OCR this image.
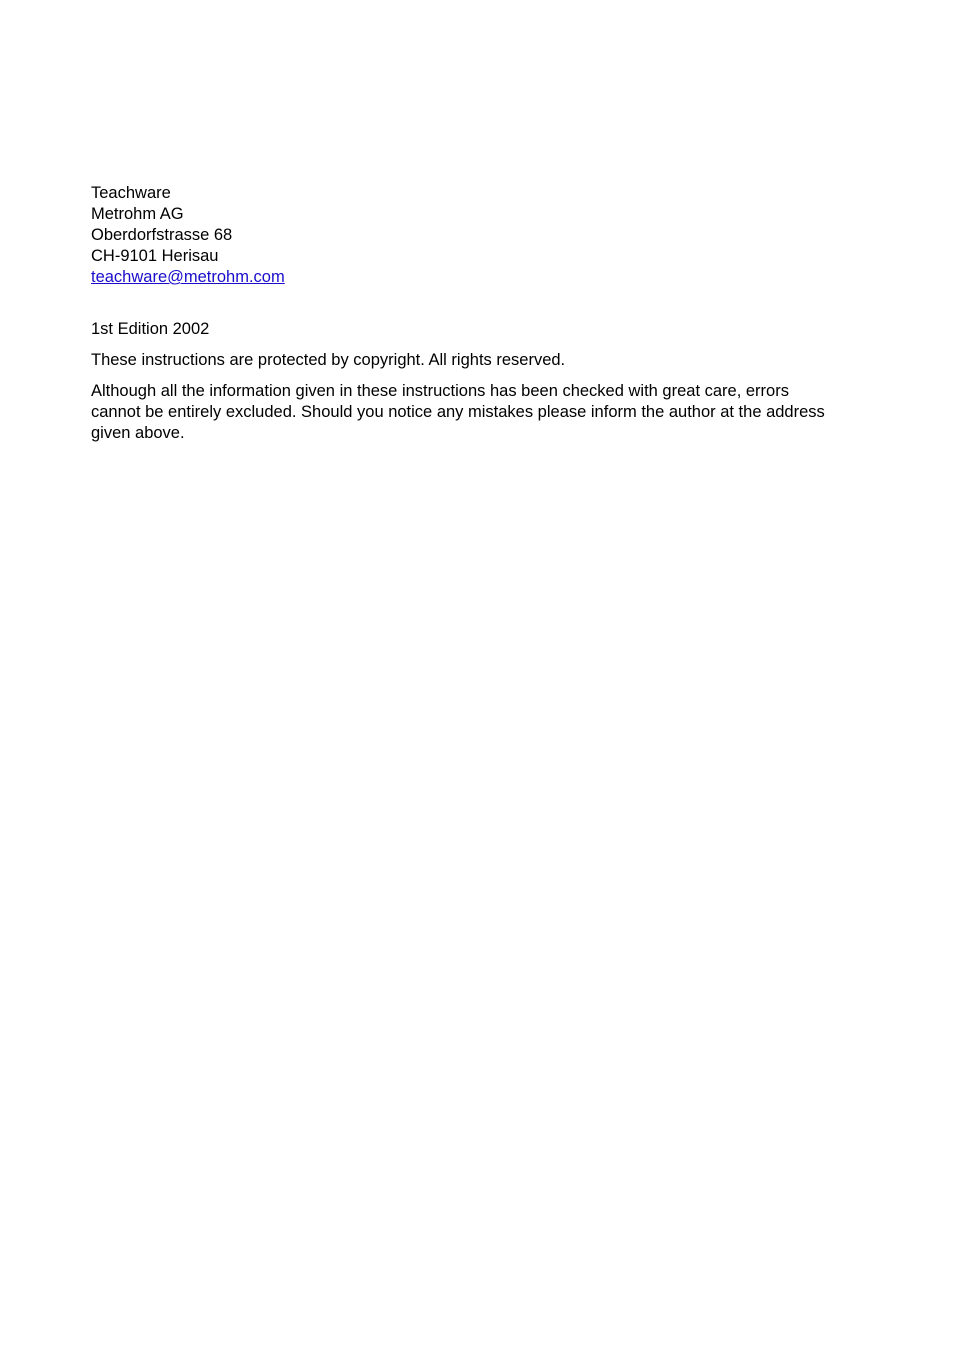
Teachware
Metrohm AG
Oberdorfstrasse 68
CH-9101 Herisau
teachware@metrohm.com
1st Edition 2002

These instructions are protected by copyright. All rights reserved.

Although all the information given in these instructions has been checked with great care, errors cannot be entirely excluded. Should you notice any mistakes please inform the author at the address given above.
